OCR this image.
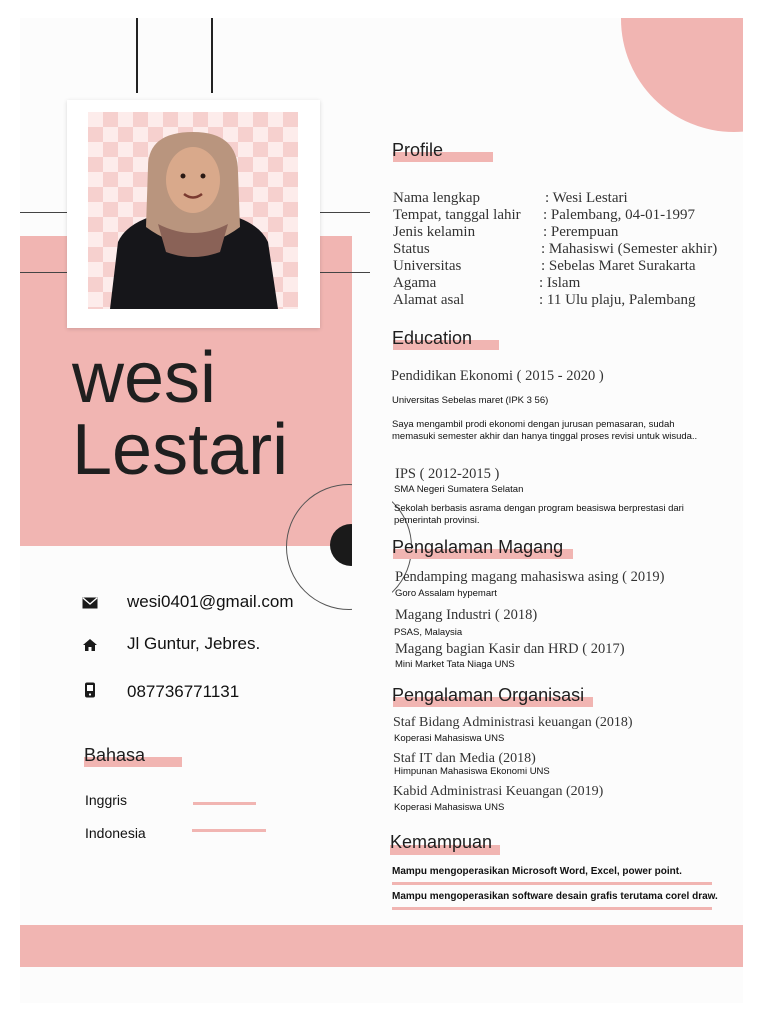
wesi
Lestari
Profile
Nama lengkap	: Wesi Lestari
Tempat, tanggal lahir : Palembang, 04-01-1997
Jenis kelamin	: Perempuan
Status	: Mahasiswi (Semester akhir)
Universitas	: Sebelas Maret Surakarta
Agama	: Islam
Alamat asal	: 11 Ulu plaju, Palembang
Education
Pendidikan Ekonomi ( 2015 - 2020 )
Universitas Sebelas maret (IPK 3 56)
Saya mengambil prodi ekonomi dengan jurusan pemasaran, sudah memasuki semester akhir dan hanya tinggal proses revisi untuk wisuda..
IPS ( 2012-2015 )
SMA Negeri Sumatera Selatan
Sekolah berbasis asrama dengan program beasiswa berprestasi dari pemerintah provinsi.
Pengalaman Magang
Pendamping magang mahasiswa asing ( 2019)
Goro Assalam hypemart
Magang Industri ( 2018)
PSAS, Malaysia
Magang bagian Kasir dan HRD ( 2017)
Mini Market Tata Niaga UNS
Pengalaman Organisasi
Staf Bidang Administrasi keuangan (2018)
Koperasi Mahasiswa UNS
Staf IT dan Media (2018)
Himpunan Mahasiswa Ekonomi UNS
Kabid Administrasi Keuangan (2019)
Koperasi Mahasiswa UNS
Kemampuan
Mampu mengoperasikan Microsoft Word, Excel, power point.
Mampu mengoperasikan software desain grafis terutama corel draw.
wesi0401@gmail.com
Jl Guntur, Jebres.
087736771131
Bahasa
Inggris
Indonesia
